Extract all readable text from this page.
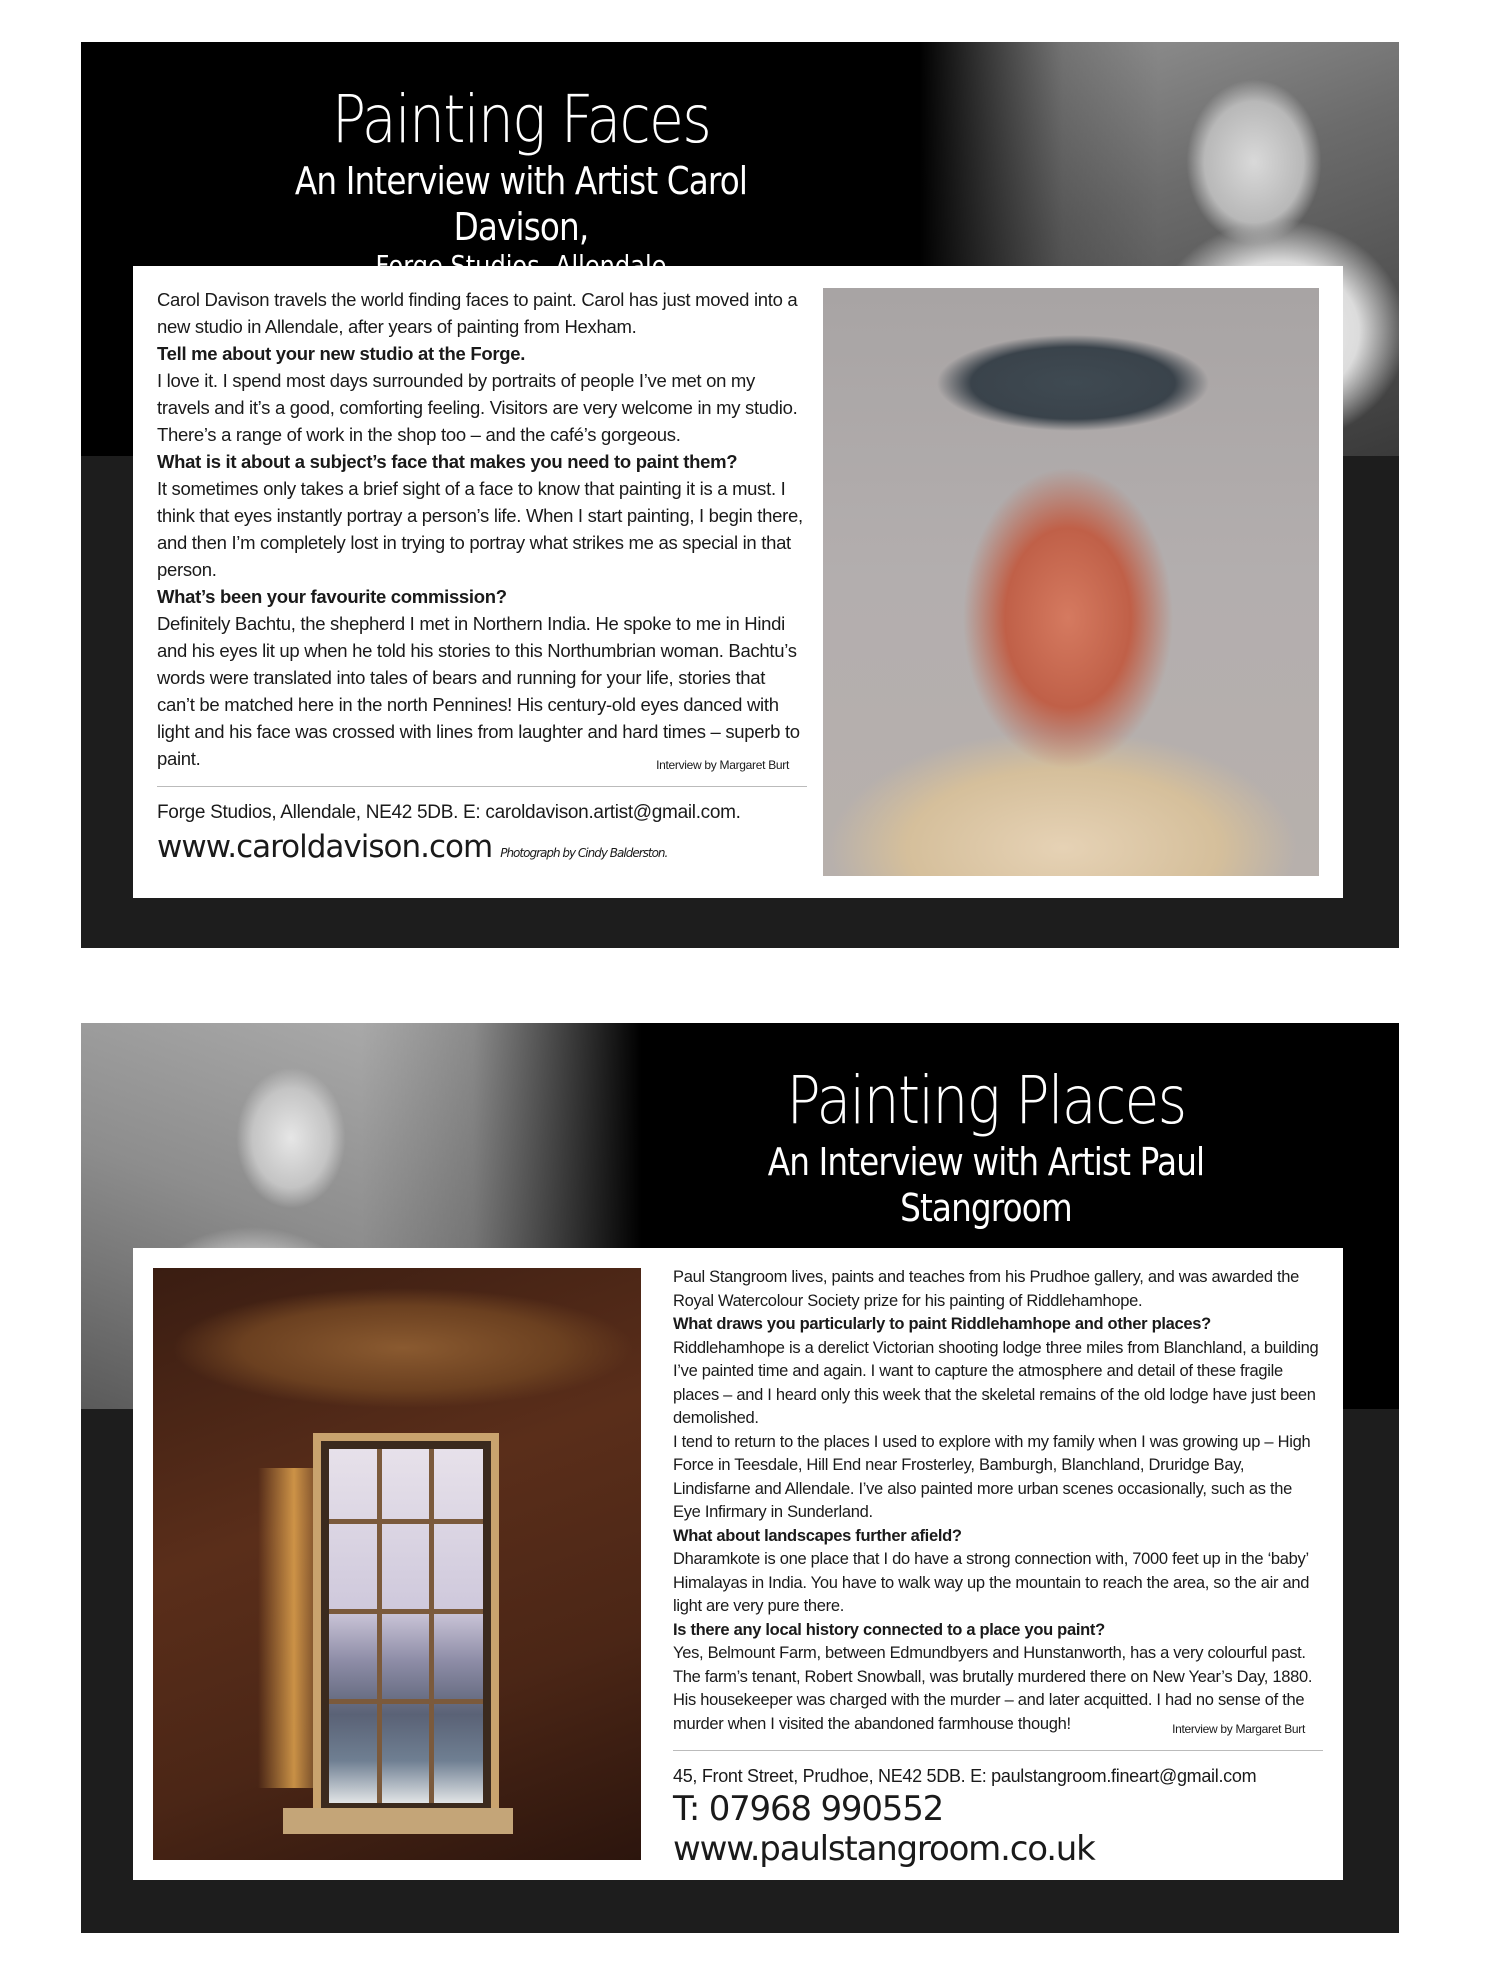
Painting Faces
An Interview with Artist Carol Davison,

Carol Davison travels the world finding faces to paint. Carol has just moved into a new studio in Allendale, after years of painting from Hexham.

Tell me about your new studio at the Forge.

I love it. I spend most days surrounded by portraits of people I’ve met on my travels and it’s a good, comforting feeling. Visitors are very welcome in my studio. There’s a range of work in the shop too – and the café’s gorgeous.

What is it about a subject’s face that makes you need to paint them?

It sometimes only takes a brief sight of a face to know that painting it is a must. I think that eyes instantly portray a person’s life. When I start painting, I begin there, and then I’m completely lost in trying to portray what strikes me as special in that person.

What’s been your favourite commission?

Definitely Bachtu, the shepherd I met in Northern India. He spoke to me in Hindi and his eyes lit up when he told his stories to this Northumbrian woman. Bachtu’s words were translated into tales of bears and running for your life, stories that can’t be matched here in the north Pennines! His century-old eyes danced with light and his face was crossed with lines from laughter and hard times – superb to paint.	Interview by Margaret Burt

Forge Studios, Allendale, NE42 5DB. E: caroldavison.artist@gmail.com.

www.caroldavison.com Photograph by Cindy Balderston.

Painting Places
An Interview with Artist Paul Stangroom

Paul Stangroom lives, paints and teaches from his Prudhoe gallery, and was awarded the Royal Watercolour Society prize for his painting of Riddlehamhope.

What draws you particularly to paint Riddlehamhope and other places?

Riddlehamhope is a derelict Victorian shooting lodge three miles from Blanchland, a building I’ve painted time and again. I want to capture the atmosphere and detail of these fragile places – and I heard only this week that the skeletal remains of the old lodge have just been demolished.

I tend to return to the places I used to explore with my family when I was growing up – High Force in Teesdale, Hill End near Frosterley, Bamburgh, Blanchland, Druridge Bay, Lindisfarne and Allendale. I’ve also painted more urban scenes occasionally, such as the Eye Infirmary in Sunderland.

What about landscapes further afield?

Dharamkote is one place that I do have a strong connection with, 7000 feet up in the ‘baby’ Himalayas in India. You have to walk way up the mountain to reach the area, so the air and light are very pure there.

Is there any local history connected to a place you paint?

Yes, Belmount Farm, between Edmundbyers and Hunstanworth, has a very colourful past. The farm’s tenant, Robert Snowball, was brutally murdered there on New Year’s Day, 1880. His housekeeper was charged with the murder – and later acquitted. I had no sense of the murder when I visited the abandoned farmhouse though!	Interview by Margaret Burt

45, Front Street, Prudhoe, NE42 5DB. E: paulstangroom.fineart@gmail.com

T: 07968 990552 www.paulstangroom.co.uk
